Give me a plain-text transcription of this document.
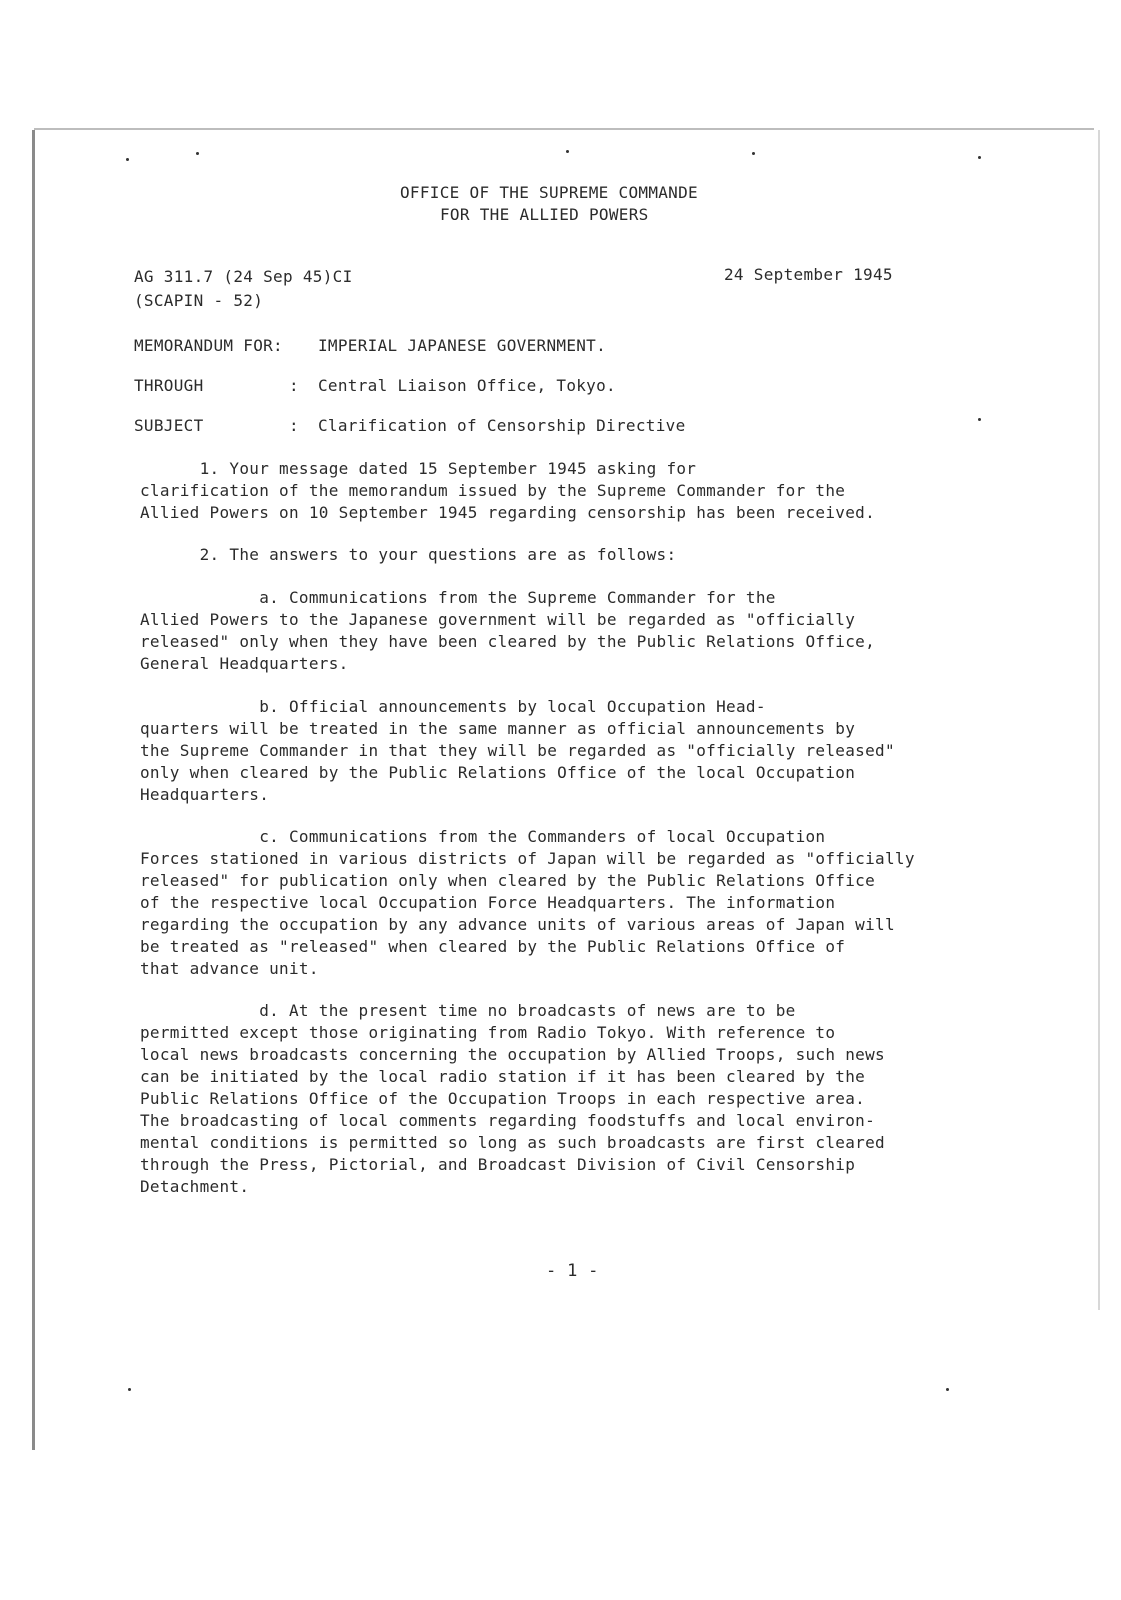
OFFICE OF THE SUPREME COMMANDE
FOR THE ALLIED POWERS
AG 311.7 (24 Sep 45)CI
(SCAPIN - 52)
24 September 1945
MEMORANDUM FOR: IMPERIAL JAPANESE GOVERNMENT.
THROUGH	: Central Liaison Office, Tokyo.
SUBJECT	: Clarification of Censorship Directive
1. Your message dated 15 September 1945 asking for
clarification of the memorandum issued by the Supreme Commander for the
Allied Powers on 10 September 1945 regarding censorship has been received.
2. The answers to your questions are as follows:
a. Communications from the Supreme Commander for the
Allied Powers to the Japanese government will be regarded as "officially
released" only when they have been cleared by the Public Relations Office,
General Headquarters.
b. Official announcements by local Occupation Head-
quarters will be treated in the same manner as official announcements by
the Supreme Commander in that they will be regarded as "officially released"
only when cleared by the Public Relations Office of the local Occupation
Headquarters.
c. Communications from the Commanders of local Occupation
Forces stationed in various districts of Japan will be regarded as "officially
released" for publication only when cleared by the Public Relations Office
of the respective local Occupation Force Headquarters. The information
regarding the occupation by any advance units of various areas of Japan will
be treated as "released" when cleared by the Public Relations Office of
that advance unit.
d. At the present time no broadcasts of news are to be
permitted except those originating from Radio Tokyo. With reference to
local news broadcasts concerning the occupation by Allied Troops, such news
can be initiated by the local radio station if it has been cleared by the
Public Relations Office of the Occupation Troops in each respective area.
The broadcasting of local comments regarding foodstuffs and local environ-
mental conditions is permitted so long as such broadcasts are first cleared
through the Press, Pictorial, and Broadcast Division of Civil Censorship
Detachment.
- 1 -
